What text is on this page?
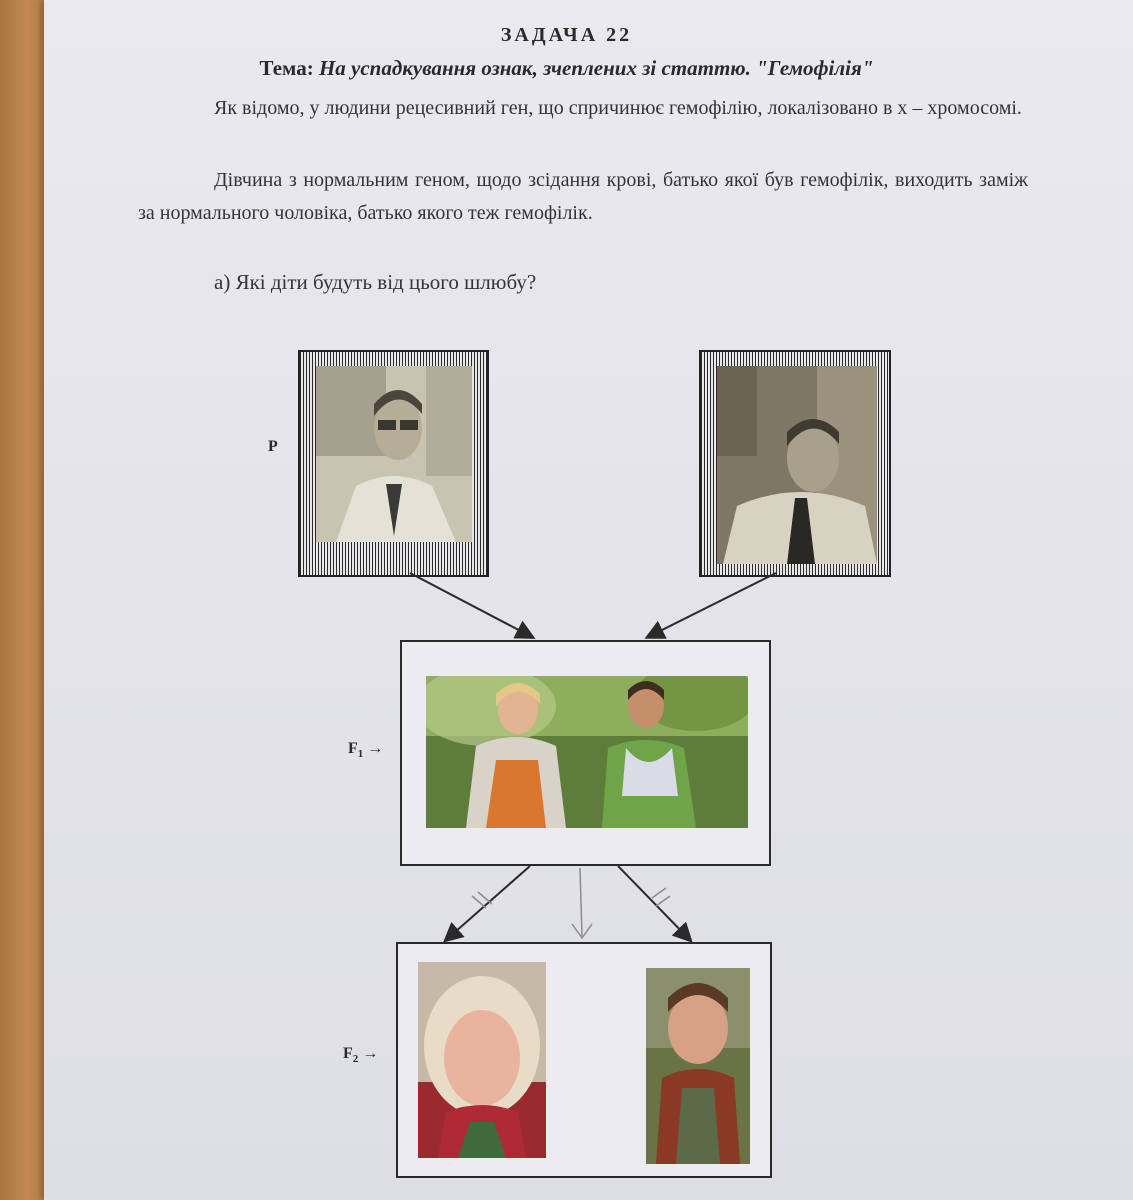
ЗАДАЧА 22
Тема: На успадкування ознак, зчеплених зі статтю. "Гемофілія"
Як відомо, у людини рецесивний ген, що спричинює гемофілію, локалізовано в х – хромосомі.
Дівчина з нормальним геном, щодо зсідання крові, батько якої був гемофілік, виходить заміж за нормального чоловіка, батько якого теж гемофілік.
а) Які діти будуть від цього шлюбу?
P
$F_1$ →
$F_2$ →
